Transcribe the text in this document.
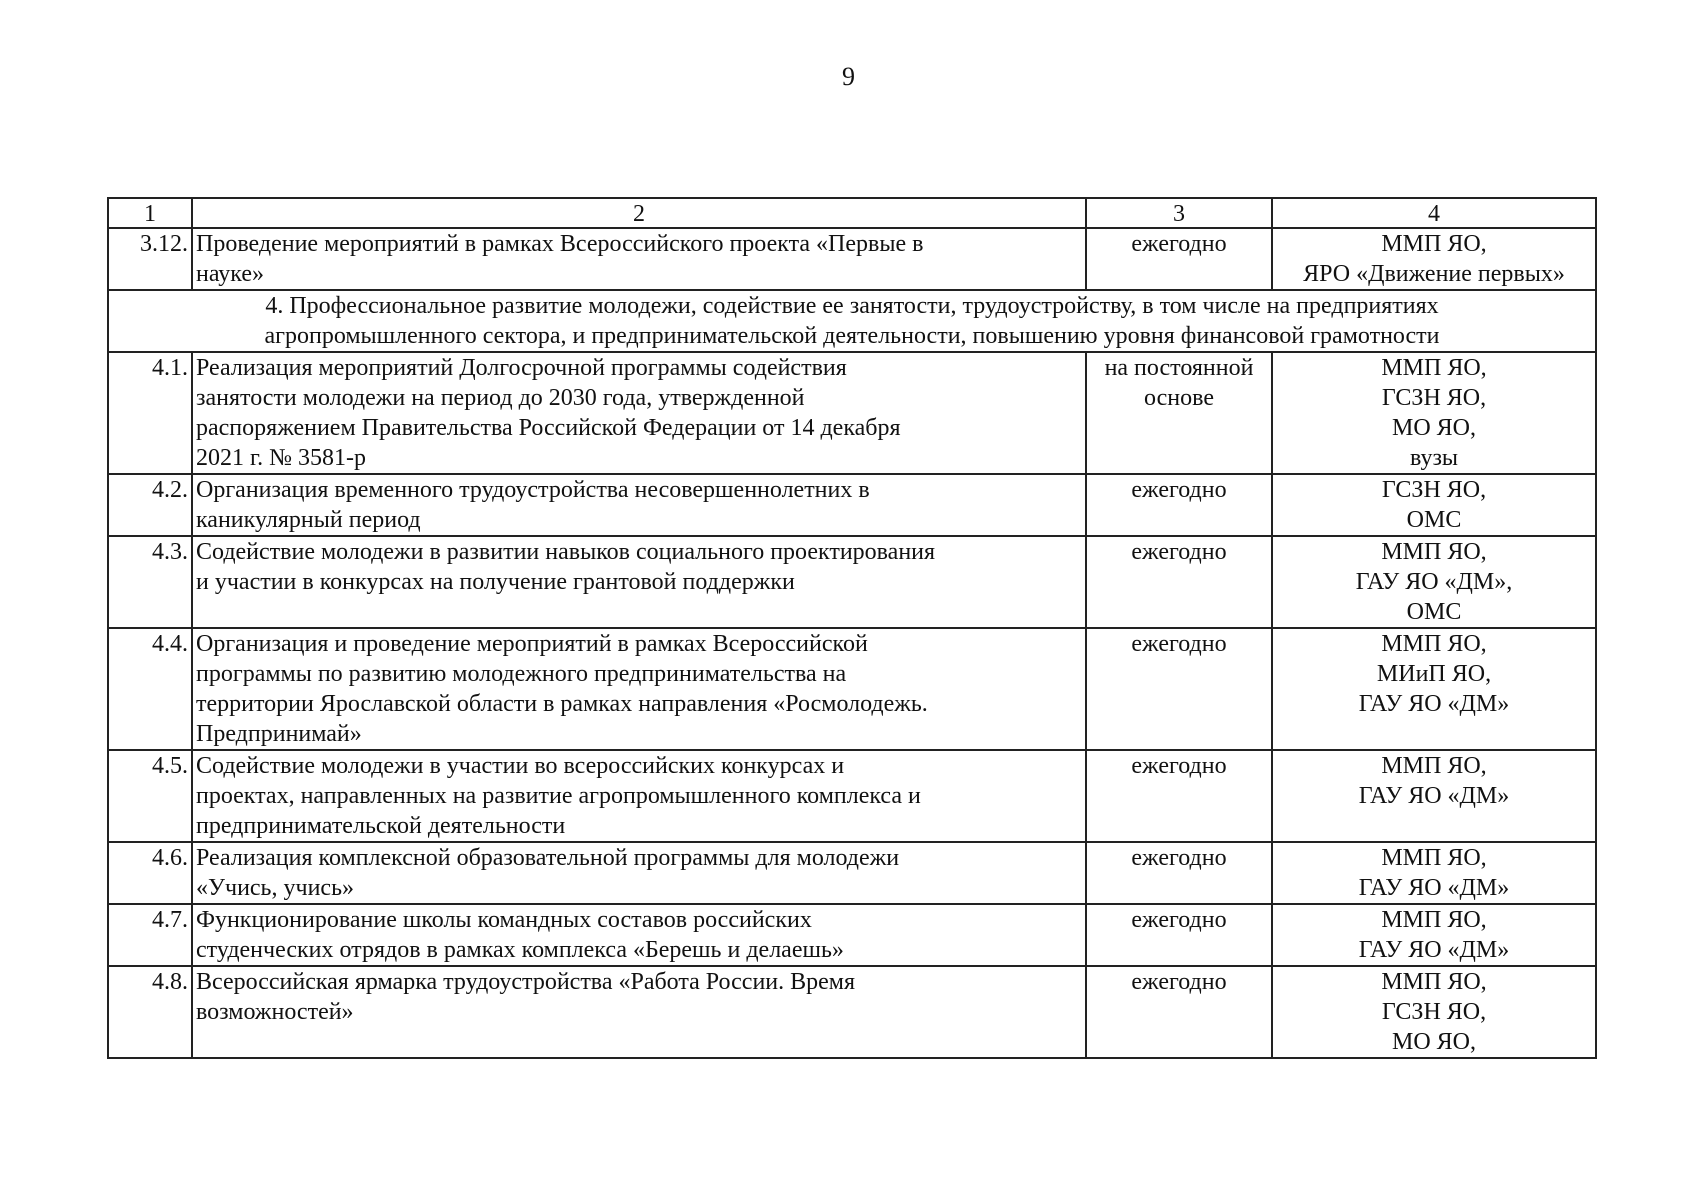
9
1	2	3	4
3.12.	Проведение мероприятий в рамках Всероссийского проекта «Первые в
науке»	ежегодно	ММП ЯО,
ЯРО «Движение первых»

4. Профессиональное развитие молодежи, содействие ее занятости, трудоустройству, в том числе на предприятиях
агропромышленного сектора, и предпринимательской деятельности, повышению уровня финансовой грамотности			

4.1.	Реализация мероприятий Долгосрочной программы содействия
занятости молодежи на период до 2030 года, утвержденной
распоряжением Правительства Российской Федерации от 14 декабря
2021 г. № 3581-р	на постоянной
основе	ММП ЯО,
ГСЗН ЯО,
МО ЯО,
вузы

4.2.	Организация временного трудоустройства несовершеннолетних в
каникулярный период	ежегодно	ГСЗН ЯО,
ОМС

4.3.	Содействие молодежи в развитии навыков социального проектирования
и участии в конкурсах на получение грантовой поддержки	ежегодно	ММП ЯО,
ГАУ ЯО «ДМ»,
ОМС

4.4.	Организация и проведение мероприятий в рамках Всероссийской
программы по развитию молодежного предпринимательства на
территории Ярославской области в рамках направления «Росмолодежь.
Предпринимай»	ежегодно	ММП ЯО,
МИиП ЯО,
ГАУ ЯО «ДМ»

4.5.	Содействие молодежи в участии во всероссийских конкурсах и
проектах, направленных на развитие агропромышленного комплекса и
предпринимательской деятельности	ежегодно	ММП ЯО,
ГАУ ЯО «ДМ»

4.6.	Реализация комплексной образовательной программы для молодежи
«Учись, учись»	ежегодно	ММП ЯО,
ГАУ ЯО «ДМ»

4.7.	Функционирование школы командных составов российских
студенческих отрядов в рамках комплекса «Берешь и делаешь»	ежегодно	ММП ЯО,
ГАУ ЯО «ДМ»

4.8.	Всероссийская ярмарка трудоустройства «Работа России. Время
возможностей»	ежегодно	ММП ЯО,
ГСЗН ЯО,
МО ЯО,
